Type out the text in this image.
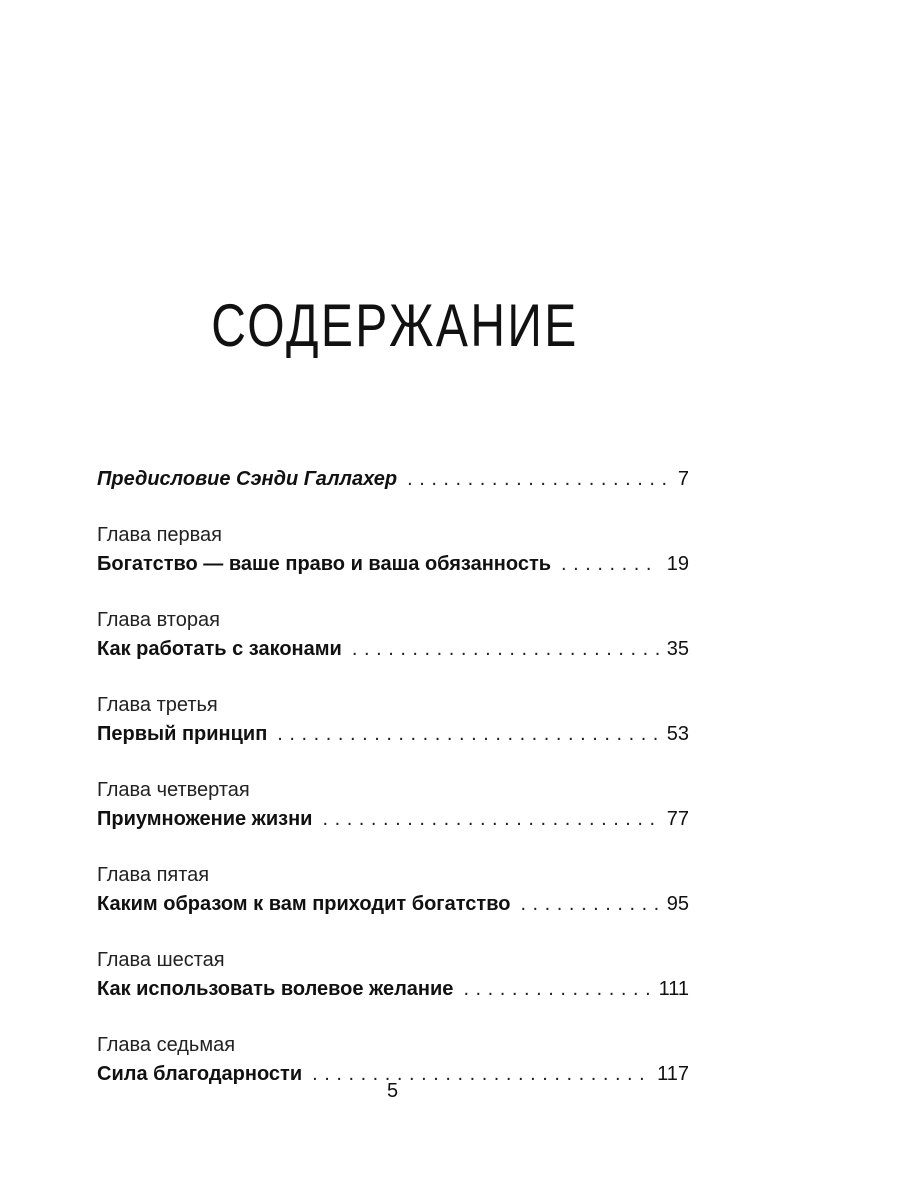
СОДЕРЖАНИЕ
Предисловие Сэнди Галлахер . . .	7
Глава первая
Богатство — ваше право и ваша обязанность . . .	19
Глава вторая
Как работать с законами . . .	35
Глава третья
Первый принцип . . .	53
Глава четвертая
Приумножение жизни . . .	77
Глава пятая
Каким образом к вам приходит богатство . . .	95
Глава шестая
Как использовать волевое желание . . .	111
Глава седьмая
Сила благодарности . . .	117
5
